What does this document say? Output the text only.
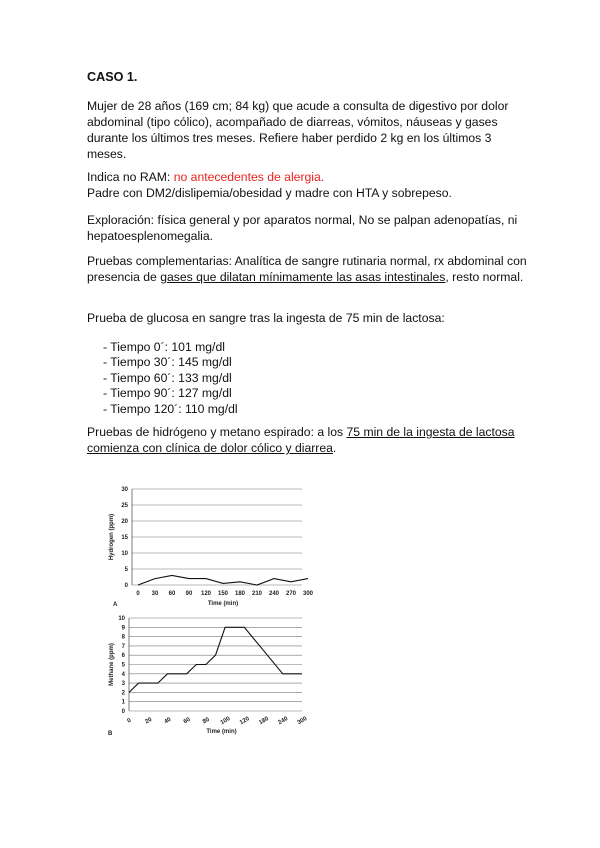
CASO 1.
Mujer de 28 años (169 cm; 84 kg) que acude a consulta de digestivo por dolor abdominal (tipo cólico), acompañado de diarreas, vómitos, náuseas y gases durante los últimos tres meses. Refiere haber perdido 2 kg en los últimos 3 meses.
Indica no RAM: no antecedentes de alergia.
Padre con DM2/dislipemia/obesidad y madre con HTA y sobrepeso.
Exploración: física general y por aparatos normal, No se palpan adenopatías, ni hepatoesplenomegalia.
Pruebas complementarias: Analítica de sangre rutinaria normal, rx abdominal con presencia de gases que dilatan mínimamente las asas intestinales, resto normal.
Prueba de glucosa en sangre tras la ingesta de 75 min de lactosa:
- Tiempo 0´: 101 mg/dl
- Tiempo 30´: 145 mg/dl
- Tiempo 60´: 133 mg/dl
- Tiempo 90´: 127 mg/dl
- Tiempo 120´: 110 mg/dl
Pruebas de hidrógeno y metano espirado: a los 75 min de la ingesta de lactosa comienza con clínica de dolor cólico y diarrea.
0
5
10
15
20
25
30
0 30 60 90 120 150 180 210 240 270 300
Time (min)
Hydrogen (ppm)
A
0
1
2
3
4
5
6
7
8
9
10
0 20 40 60 80 100 120 180 240 300
Time (min)
Methane (ppm)
B
